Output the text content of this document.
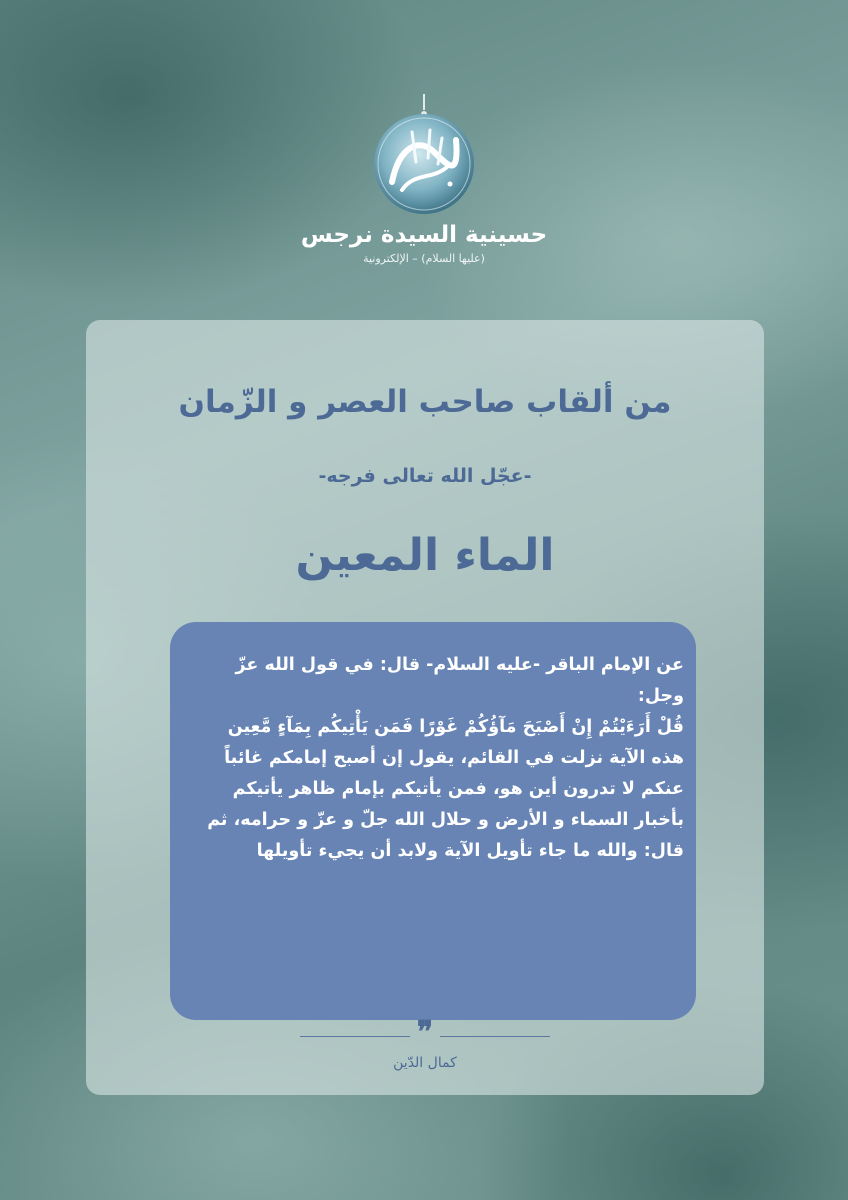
حسينية السيدة نرجس
(عليها السلام) – الإلكترونية
من ألقاب صاحب العصر و الزّمان
-عجّل الله تعالى فرجه-
الماء المعين

عن الإمام الباقر -عليه السلام- قال: في قول الله عزّ وجل:

قُلْ أَرَءَيْتُمْ إِنْ أَصْبَحَ مَآؤُكُمْ غَوْرًا فَمَن يَأْتِيكُم بِمَآءٍ مَّعِين

هذه الآية نزلت في القائم، يقول إن أصبح إمامكم غائباً عنكم لا تدرون أين هو، فمن يأتيكم بإمام ظاهر يأتيكم بأخبار السماء و الأرض و حلال الله جلّ و عزّ و حرامه، ثم قال: والله ما جاء تأويل الآية ولابد أن يجيء تأويلها

❞
كمال الدّين
